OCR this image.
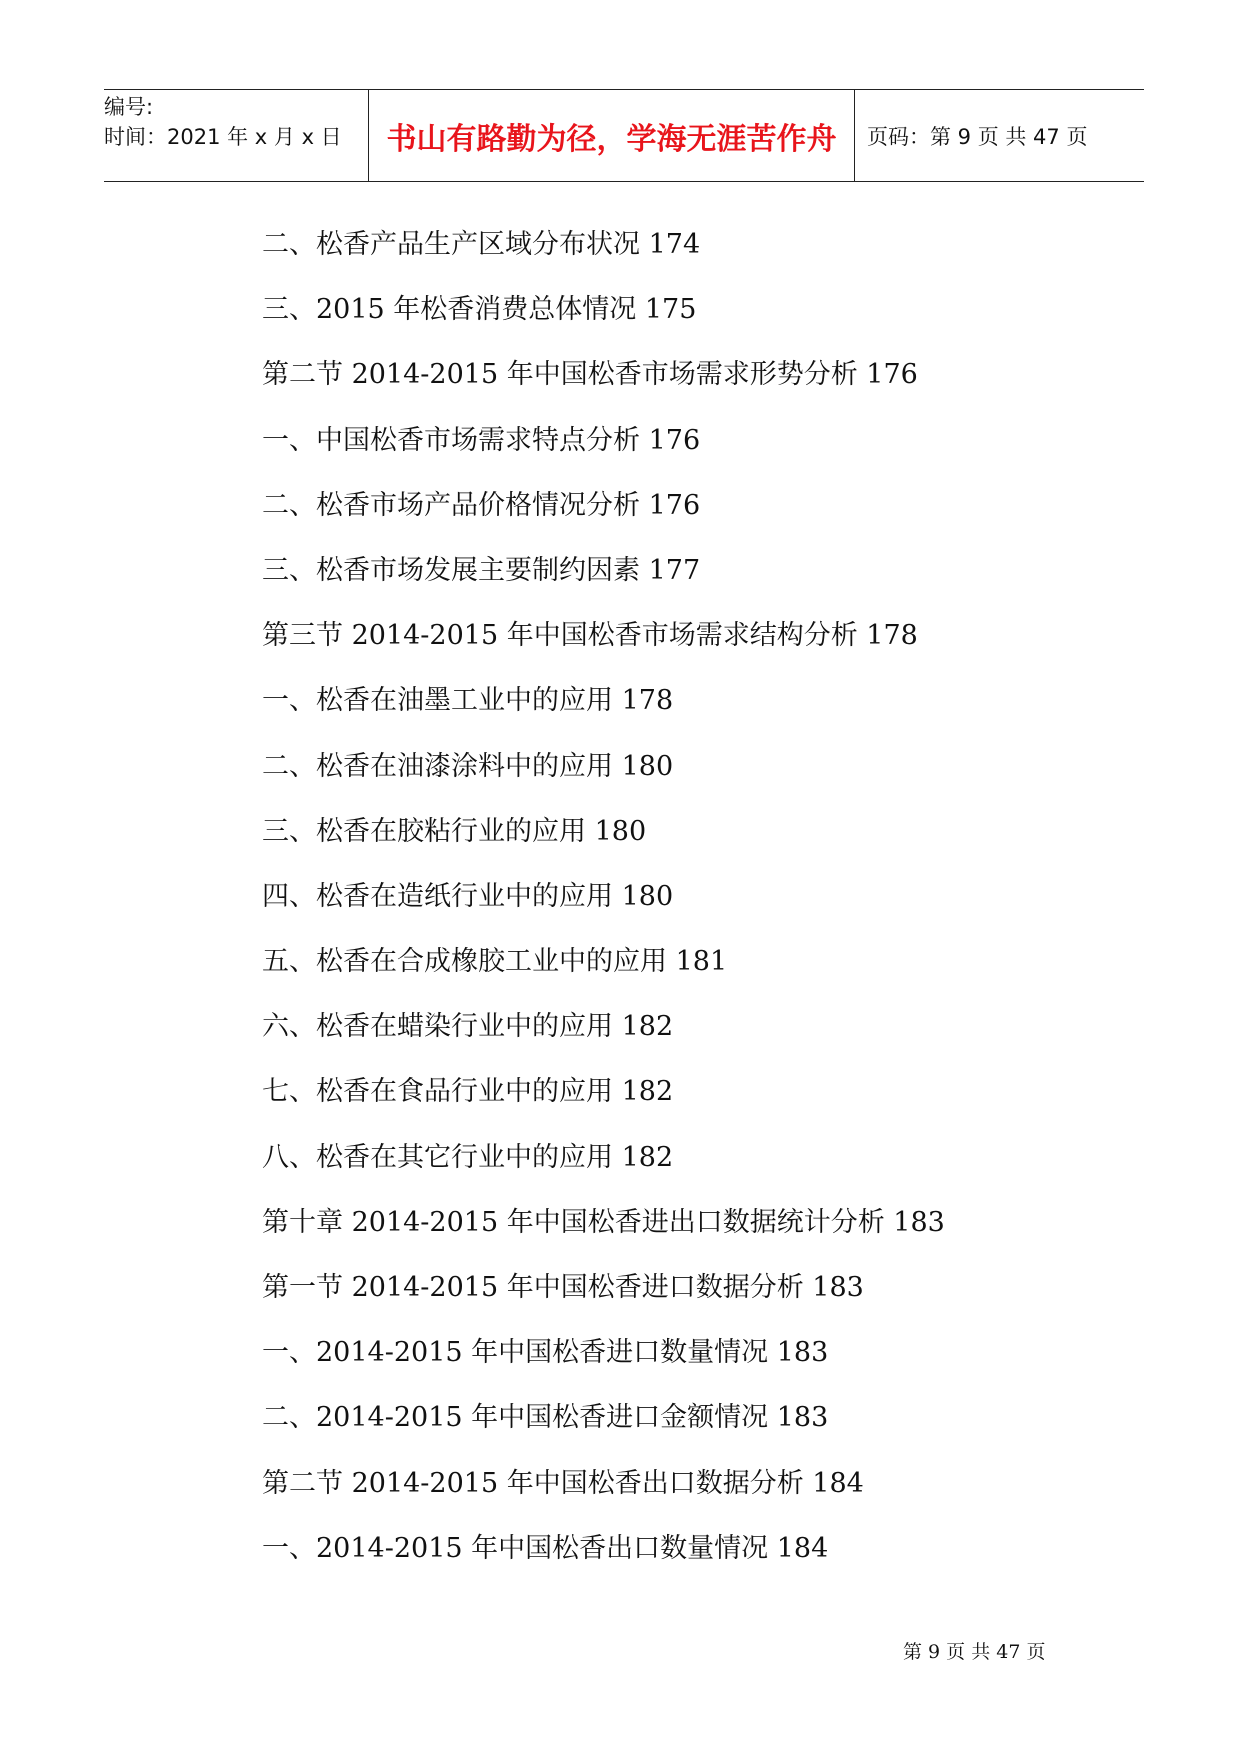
编号:
时间：2021 年 x 月 x 日	书山有路勤为径，学海无涯苦作舟	页码：第 9 页 共 47 页
二、松香产品生产区域分布状况 174
三、2015 年松香消费总体情况 175
第二节 2014-2015 年中国松香市场需求形势分析 176
一、中国松香市场需求特点分析 176
二、松香市场产品价格情况分析 176
三、松香市场发展主要制约因素 177
第三节 2014-2015 年中国松香市场需求结构分析 178
一、松香在油墨工业中的应用 178
二、松香在油漆涂料中的应用 180
三、松香在胶粘行业的应用 180
四、松香在造纸行业中的应用 180
五、松香在合成橡胶工业中的应用 181
六、松香在蜡染行业中的应用 182
七、松香在食品行业中的应用 182
八、松香在其它行业中的应用 182
第十章 2014-2015 年中国松香进出口数据统计分析 183
第一节 2014-2015 年中国松香进口数据分析 183
一、2014-2015 年中国松香进口数量情况 183
二、2014-2015 年中国松香进口金额情况 183
第二节 2014-2015 年中国松香出口数据分析 184
一、2014-2015 年中国松香出口数量情况 184
第 9 页 共 47 页
